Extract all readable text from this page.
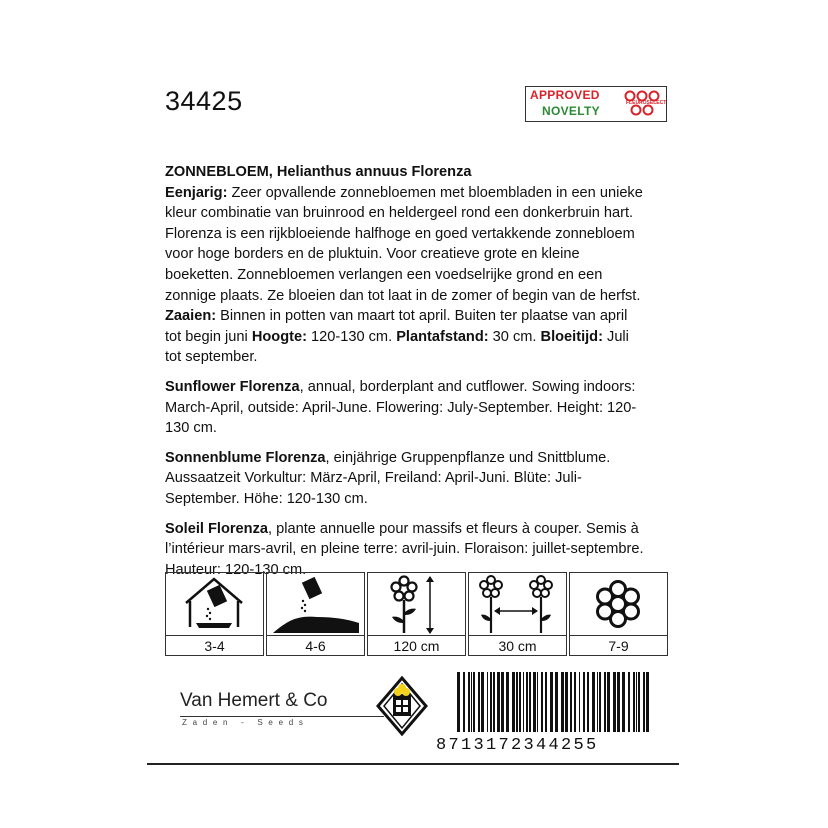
34425	APPROVED
NOVELTY
FLEUROSELECT

ZONNEBLOEM, Helianthus annuus Florenza
Eenjarig: Zeer opvallende zonnebloemen met bloembladen in een unieke kleur combinatie van bruinrood en heldergeel rond een donkerbruin hart. Florenza is een rijkbloeiende halfhoge en goed vertakkende zonnebloem voor hoge borders en de pluktuin. Voor creatieve grote en kleine boeketten. Zonnebloemen verlangen een voedselrijke grond en een zonnige plaats. Ze bloeien dan tot laat in de zomer of begin van de herfst. Zaaien: Binnen in potten van maart tot april. Buiten ter plaatse van april tot begin juni Hoogte: 120-130 cm. Plantafstand: 30 cm. Bloeitijd: Juli tot september.

Sunflower Florenza, annual, borderplant and cutflower. Sowing indoors: March-April, outside: April-June. Flowering: July-September. Height: 120-130 cm.

Sonnenblume Florenza, einjährige Gruppenpflanze und Snittblume. Aussaatzeit Vorkultur: März-April, Freiland: April-Juni. Blüte: Juli-September. Höhe: 120-130 cm.

Soleil Florenza, plante annuelle pour massifs et fleurs à couper. Semis à l’intérieur mars-avril, en pleine terre: avril-juin. Floraison: juillet-septembre. Hauteur: 120-130 cm.

3-4	4-6	120 cm	30 cm	7-9
Van Hemert & Co
Zaden - Seeds
8713172344255
